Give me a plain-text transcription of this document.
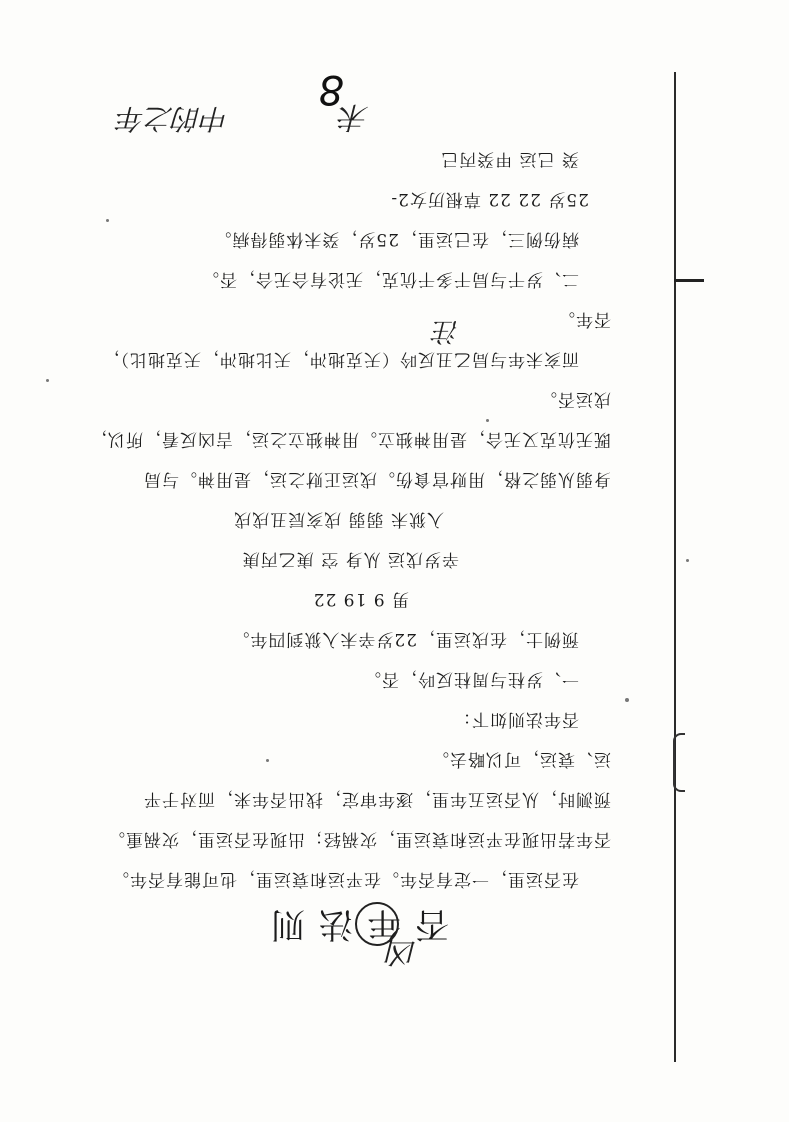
凶
否年法则
在否运里，一定有否年。在平运和衰运里，也可能有否年。
否年若出现在平运和衰运里，灾祸轻；出现在否运里，灾祸重。
预测时，从否运五年里，逐年审定，找出否年来，而对于平
运、衰运，可以略去。
否年法则如下：
一、岁柱与周柱反吟，否。
预例士，在戌运里，22岁辛未入狱到四年。
男 9 19 22
辛岁戊运 从身 空 庚乙丙庚
入狱未 弱弱 戌亥辰丑戌戌
身弱从弱之格，用财官食伤。戌运正财之运，是用神。与局
既无伉克又无合，是用神独立。用神独立之运，吉凶反看，所以，
戌运否。
而亥未年与局乙丑反吟（天克地冲，天比地冲，天克地比），
否年。
注
二、岁干与局干多干伉克，无论有合无合，否。
病伤例三，在己运里，25岁，癸未体弱得病。
25岁 22 22 草根历女2-
癸 己运 甲癸丙己
未
中的之年
8
